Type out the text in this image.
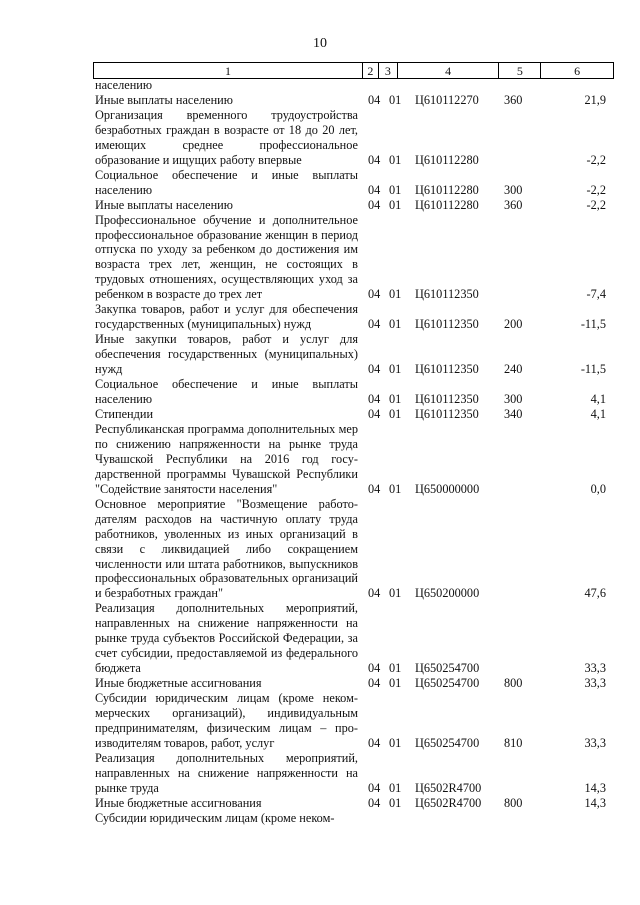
10
1	2 3	4	5	6
населению
Иные выплаты населению	04 01 Ц610112270 360	21,9
Организация временного трудоустройства безработных граждан в возрасте от 18 до 20 лет, имеющих среднее профессиональное образование и ищущих работу впервые	04 01 Ц610112280	-2,2
Социальное обеспечение и иные выплаты населению	04 01 Ц610112280 300	-2,2
Иные выплаты населению	04 01 Ц610112280 360	-2,2
Профессиональное обучение и дополнительное профессиональное образование женщин в период отпуска по уходу за ребенком до достижения им возраста трех лет, женщин, не состоящих в трудовых отношениях, осуществляющих уход за ребенком в возрасте до трех лет	04 01 Ц610112350	-7,4
Закупка товаров, работ и услуг для обеспечения государственных (муниципальных) нужд	04 01 Ц610112350 200	-11,5
Иные закупки товаров, работ и услуг для обеспечения государственных (муниципальных) нужд	04 01 Ц610112350 240	-11,5
Социальное обеспечение и иные выплаты населению	04 01 Ц610112350 300	4,1
Стипендии	04 01 Ц610112350 340	4,1
Республиканская программа дополнительных мер по снижению напряженности на рынке труда Чувашской Республики на 2016 год государственной программы Чувашской Республики "Содействие занятости населения"	04 01 Ц650000000	0,0
Основное мероприятие "Возмещение работодателям расходов на частичную оплату труда работников, уволенных из иных организаций в связи с ликвидацией либо сокращением численности или штата работников, выпускников профессиональных образовательных организаций и безработных граждан"	04 01 Ц650200000	47,6
Реализация дополнительных мероприятий, направленных на снижение напряженности на рынке труда субъектов Российской Федерации, за счет субсидии, предоставляемой из федерального бюджета	04 01 Ц650254700	33,3
Иные бюджетные ассигнования	04 01 Ц650254700 800	33,3
Субсидии юридическим лицам (кроме некоммерческих организаций), индивидуальным предпринимателям, физическим лицам – производителям товаров, работ, услуг	04 01 Ц650254700 810	33,3
Реализация дополнительных мероприятий, направленных на снижение напряженности на рынке труда	04 01 Ц6502R4700	14,3
Иные бюджетные ассигнования	04 01 Ц6502R4700 800	14,3
Субсидии юридическим лицам (кроме неком-
